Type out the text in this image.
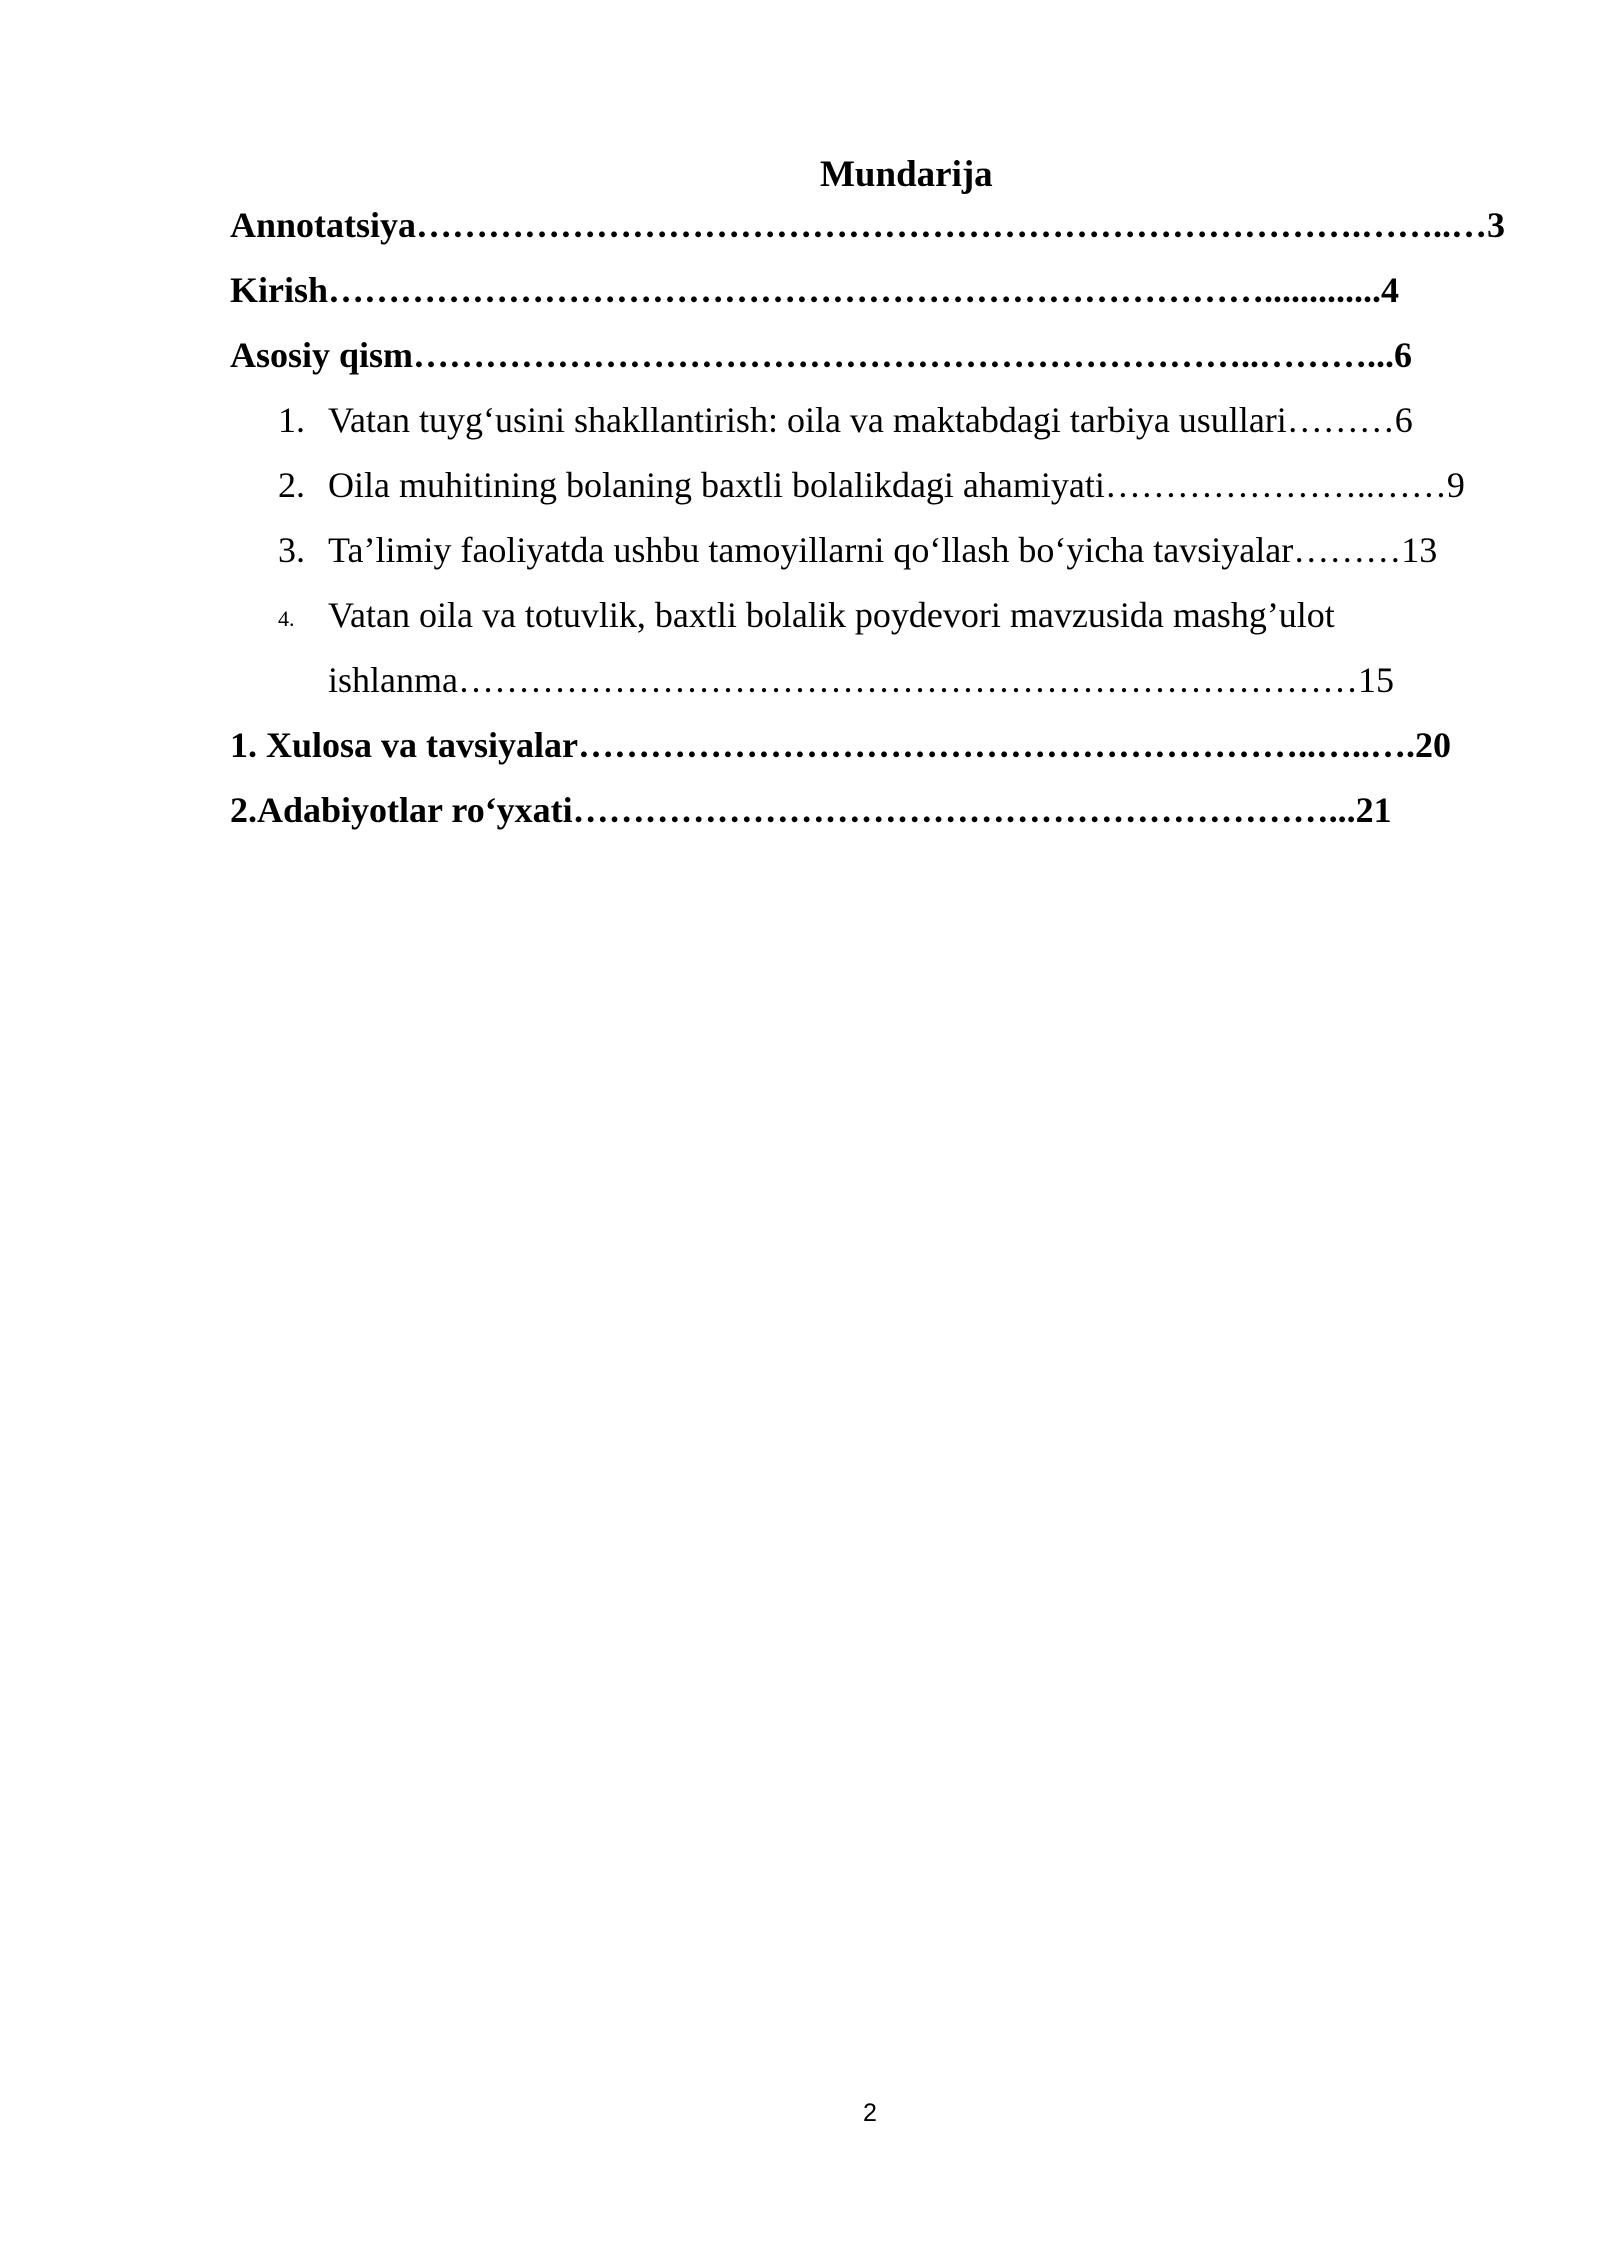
Mundarija
Annotatsiya…………………………………………………………………….……..…3
Kirish…………………………………………………………………….............4
Asosiy qism……………………………………………………………..………...6
1. Vatan tuyg‘usini shakllantirish: oila va maktabdagi tarbiya usullari………6
2. Oila muhitining bolaning baxtli bolalikdagi ahamiyati…………………..……9
3. Ta’limiy faoliyatda ushbu tamoyillarni qo‘llash bo‘yicha tavsiyalar………13
4. Vatan oila va totuvlik, baxtli bolalik poydevori mavzusida mashg’ulot
ishlanma…………………………………………………………………15
1. Xulosa va tavsiyalar……………………………………………………..…..….20
2.Adabiyotlar ro‘yxati………………………………………………………...21
2
